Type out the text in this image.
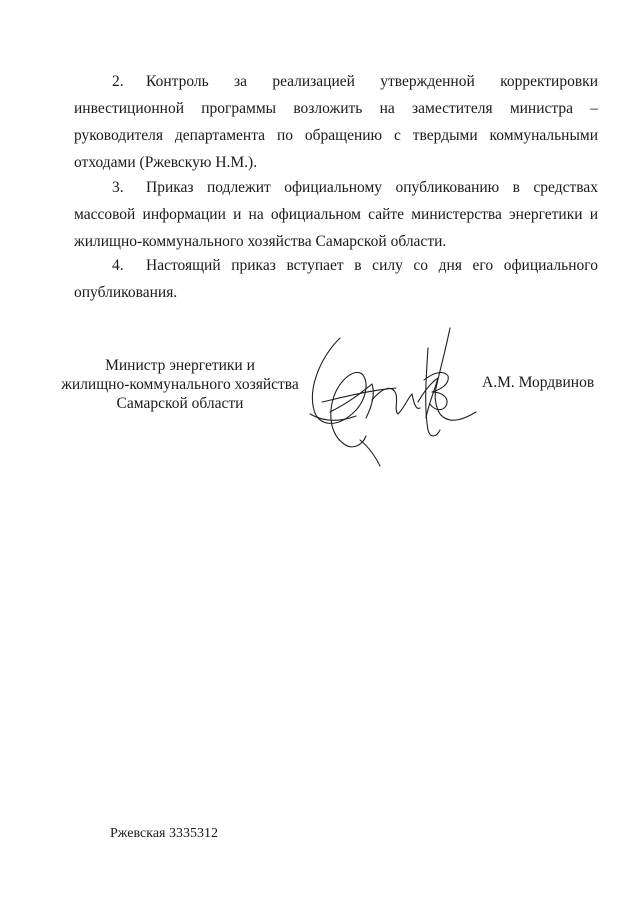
2. Контроль за реализацией утвержденной корректировки инвестиционной программы возложить на заместителя министра – руководителя департамента по обращению с твердыми коммунальными отходами (Ржевскую Н.М.).

3. Приказ подлежит официальному опубликованию в средствах массовой информации и на официальном сайте министерства энергетики и жилищно-коммунального хозяйства Самарской области.

4. Настоящий приказ вступает в силу со дня его официального опубликования.

Министр энергетики и
жилищно-коммунального хозяйства
Самарской области
А.М. Мордвинов
Ржевская 3335312
